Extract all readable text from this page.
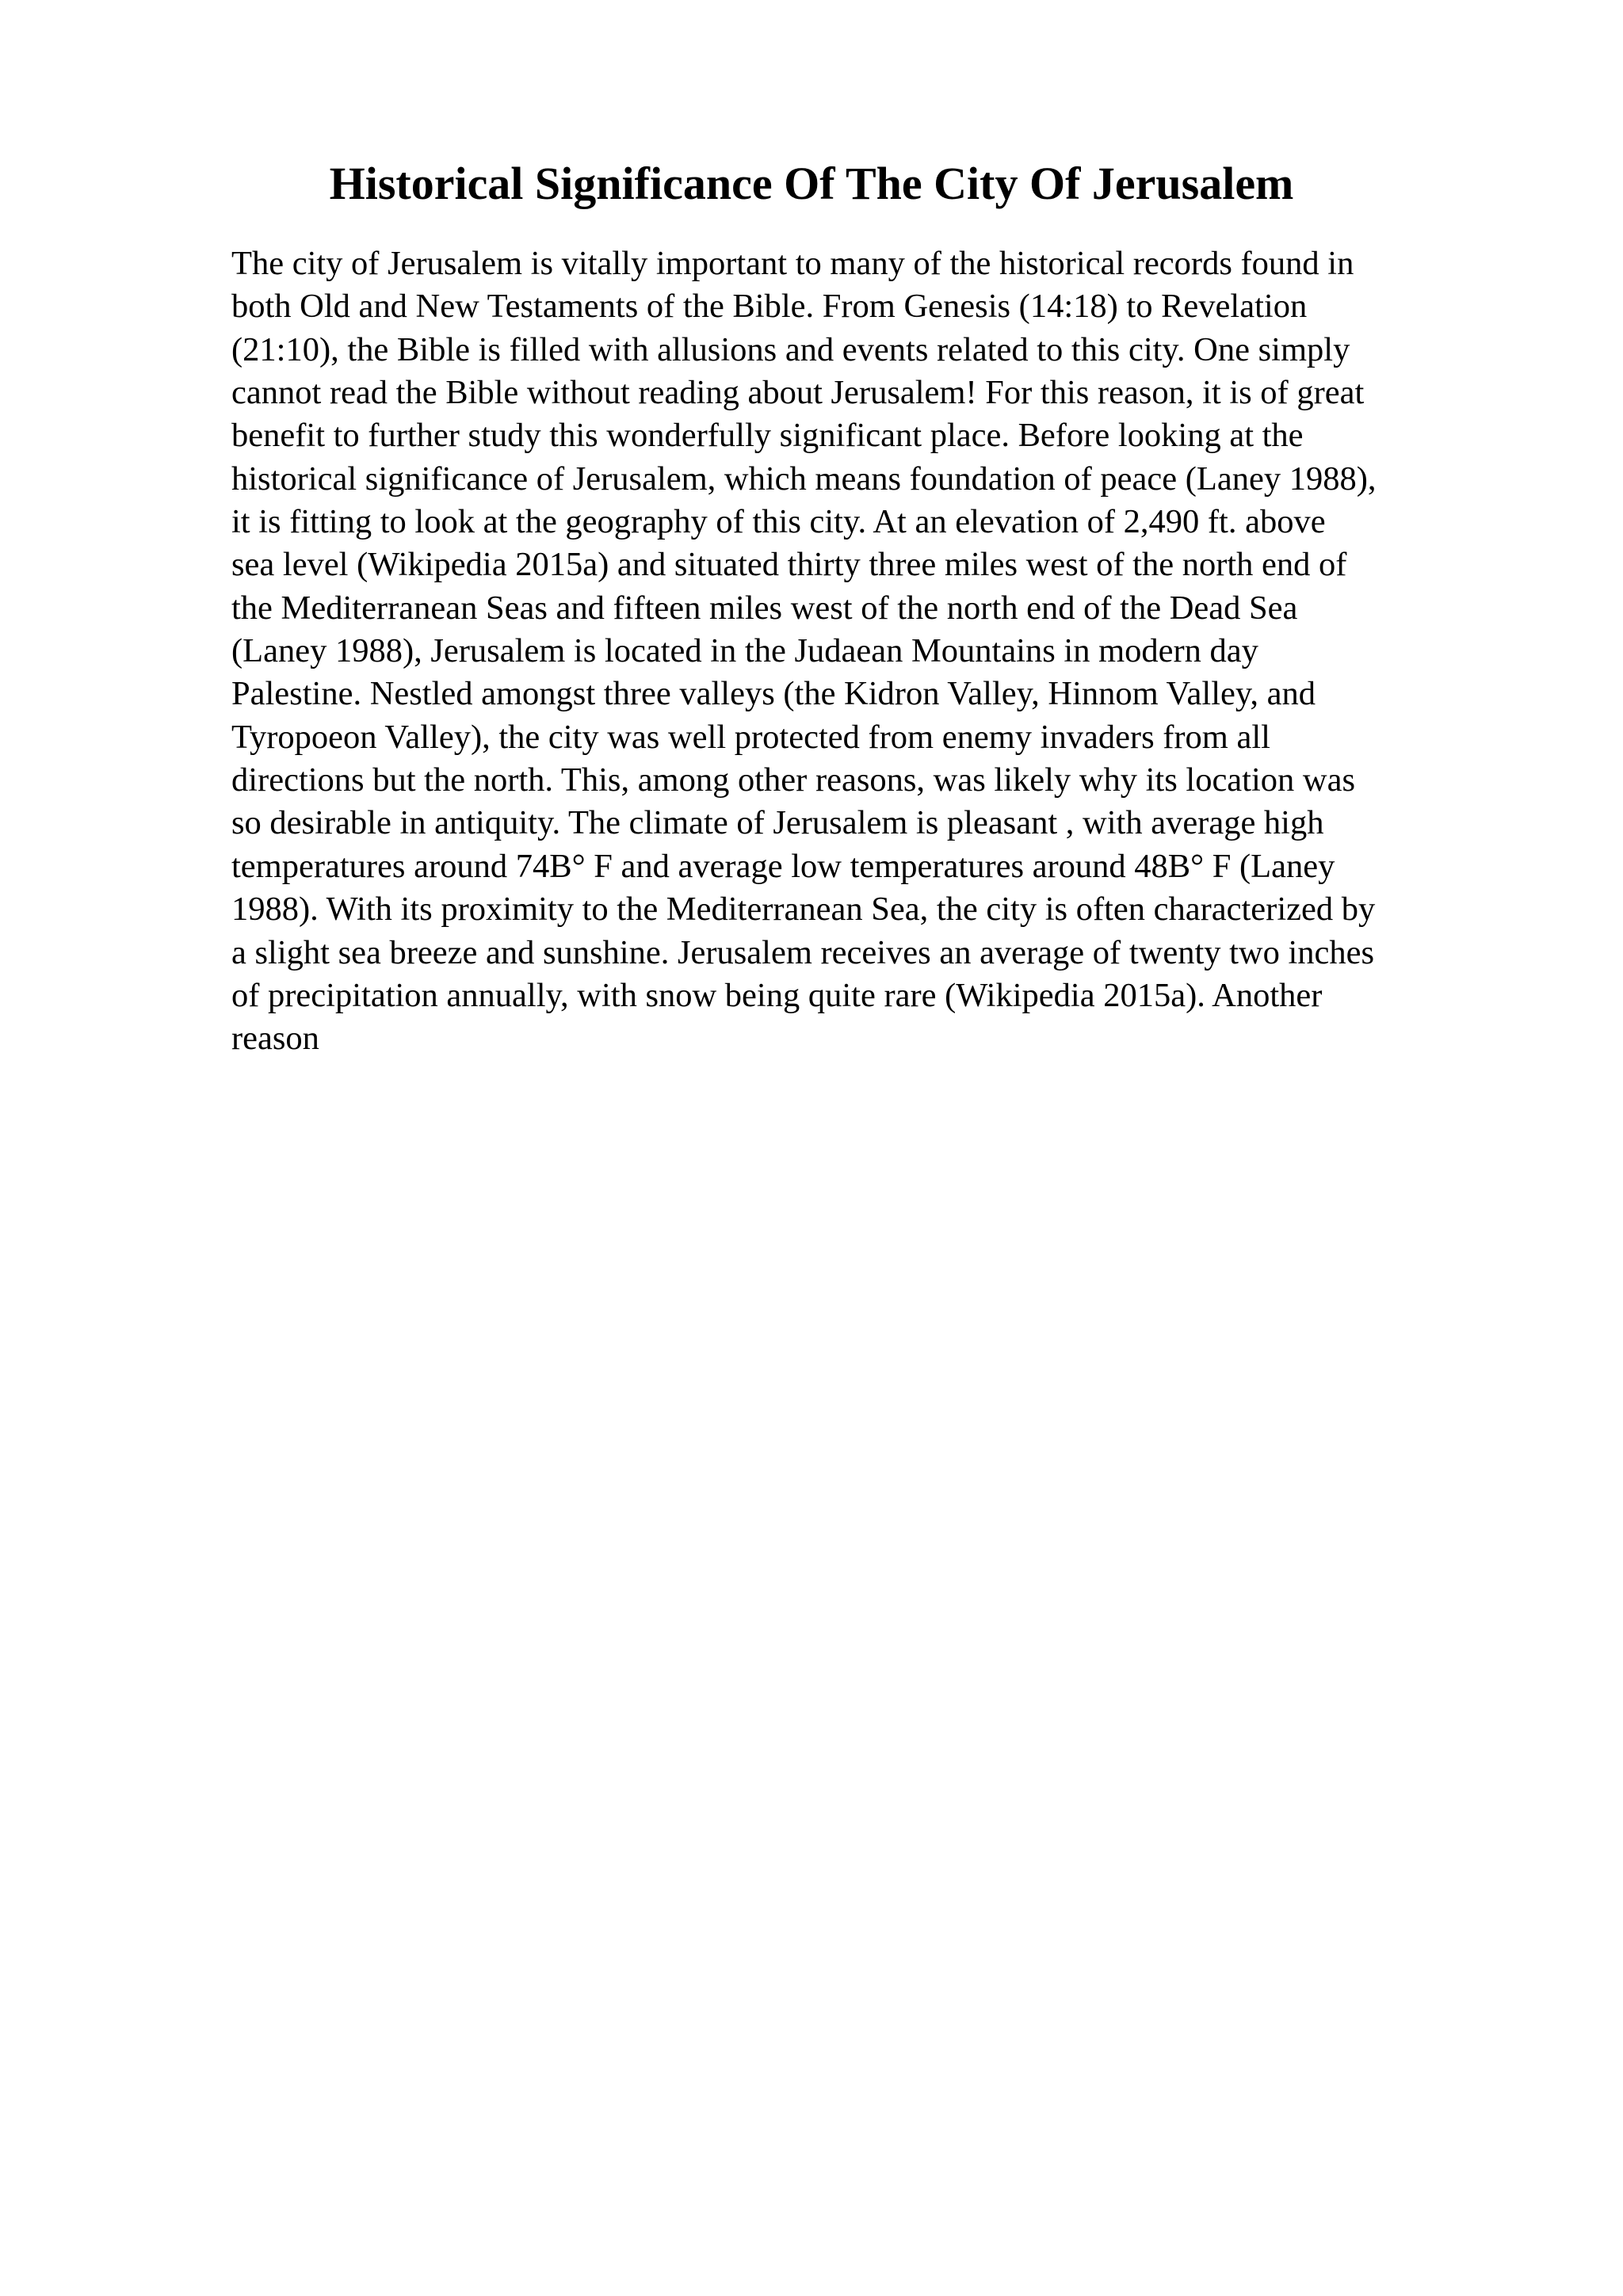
Historical Significance Of The City Of Jerusalem
The city of Jerusalem is vitally important to many of the historical records found in
both Old and New Testaments of the Bible. From Genesis (14:18) to Revelation
(21:10), the Bible is filled with allusions and events related to this city. One simply
cannot read the Bible without reading about Jerusalem! For this reason, it is of great
benefit to further study this wonderfully significant place. Before looking at the
historical significance of Jerusalem, which means foundation of peace (Laney 1988),
it is fitting to look at the geography of this city. At an elevation of 2,490 ft. above
sea level (Wikipedia 2015a) and situated thirty three miles west of the north end of
the Mediterranean Seas and fifteen miles west of the north end of the Dead Sea
(Laney 1988), Jerusalem is located in the Judaean Mountains in modern day
Palestine. Nestled amongst three valleys (the Kidron Valley, Hinnom Valley, and
Tyropoeon Valley), the city was well protected from enemy invaders from all
directions but the north. This, among other reasons, was likely why its location was
so desirable in antiquity. The climate of Jerusalem is pleasant , with average high
temperatures around 74B° F and average low temperatures around 48B° F (Laney
1988). With its proximity to the Mediterranean Sea, the city is often characterized by
a slight sea breeze and sunshine. Jerusalem receives an average of twenty two inches
of precipitation annually, with snow being quite rare (Wikipedia 2015a). Another
reason
